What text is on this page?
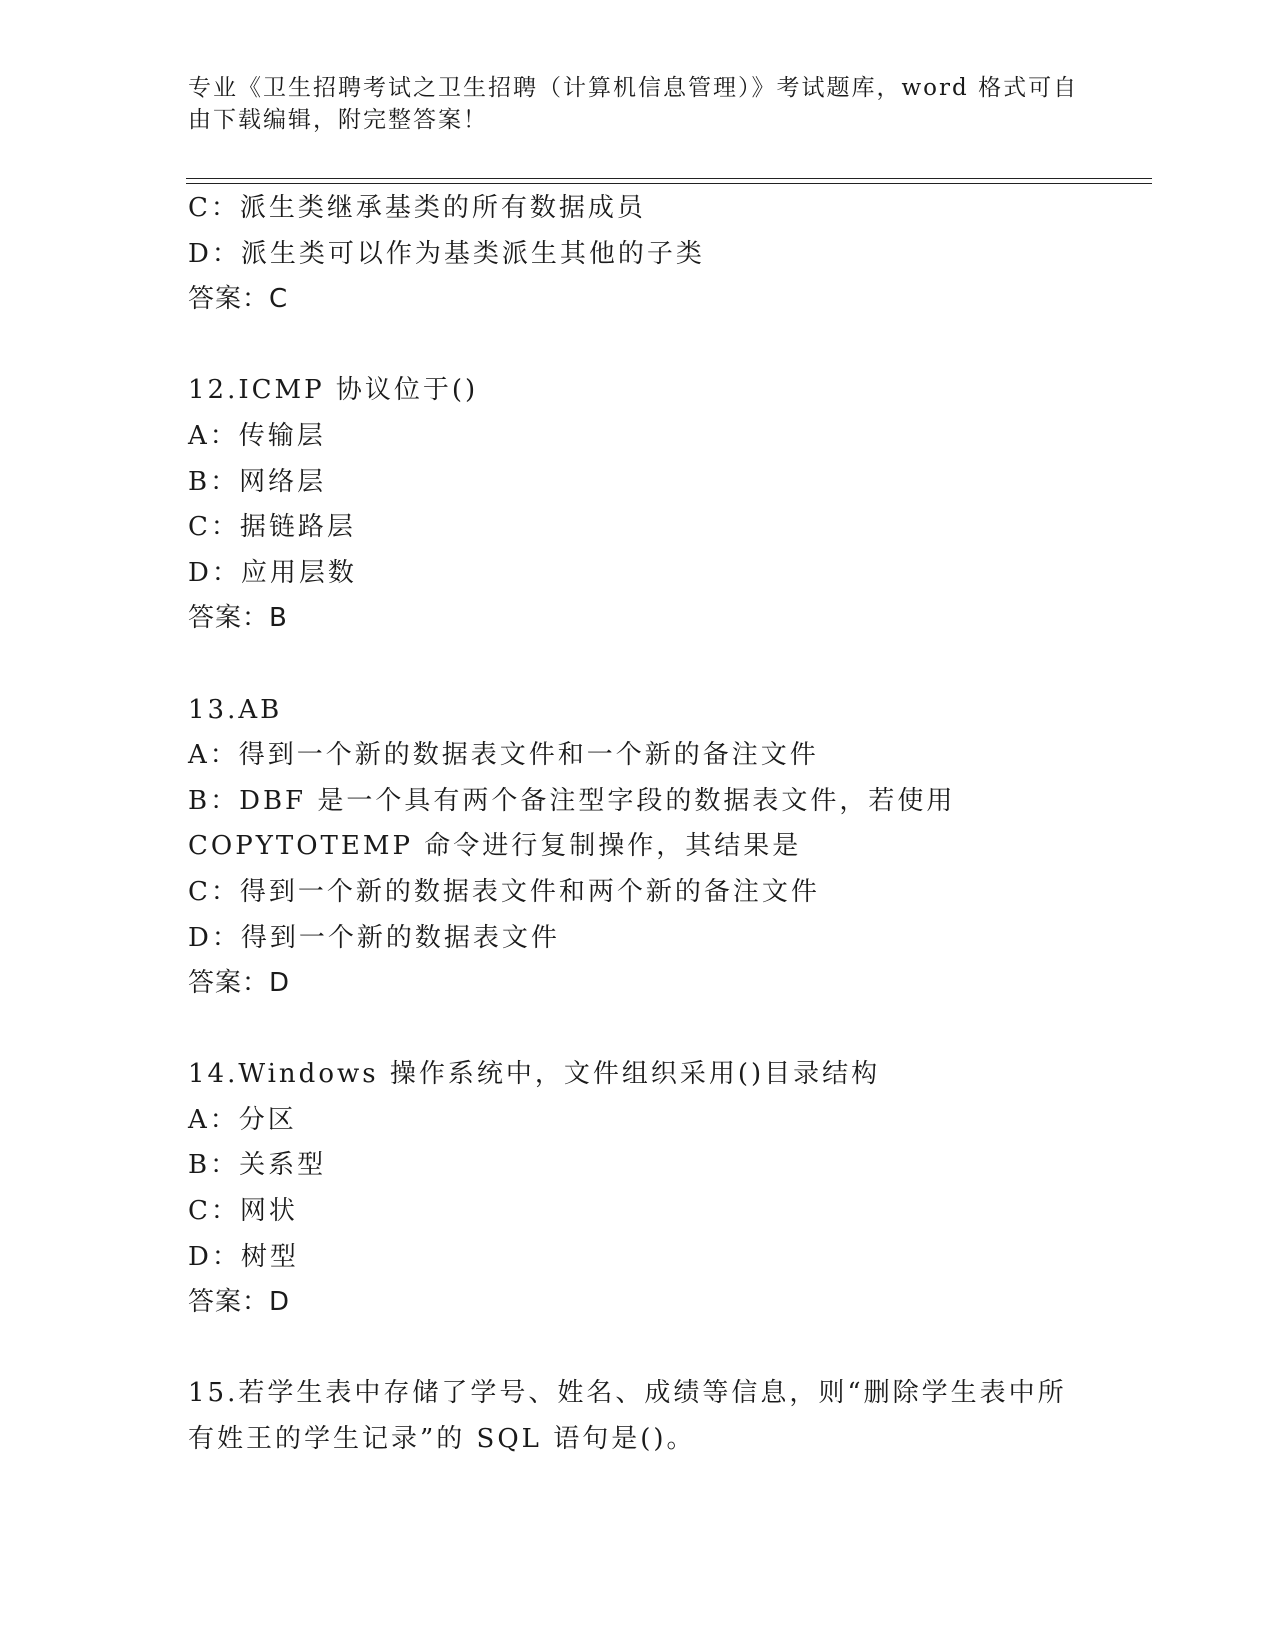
专业《卫生招聘考试之卫生招聘（计算机信息管理）》考试题库，word 格式可自由下载编辑，附完整答案！
C：派生类继承基类的所有数据成员
D：派生类可以作为基类派生其他的子类
答案：C
12.ICMP 协议位于()
A：传输层
B：网络层
C：据链路层
D：应用层数
答案：B
13.AB
A：得到一个新的数据表文件和一个新的备注文件
B：DBF 是一个具有两个备注型字段的数据表文件，若使用 COPYTOTEMP 命令进行复制操作，其结果是
C：得到一个新的数据表文件和两个新的备注文件
D：得到一个新的数据表文件
答案：D
14.Windows 操作系统中，文件组织采用()目录结构
A：分区
B：关系型
C：网状
D：树型
答案：D
15.若学生表中存储了学号、姓名、成绩等信息，则“删除学生表中所有姓王的学生记录”的 SQL 语句是()。
